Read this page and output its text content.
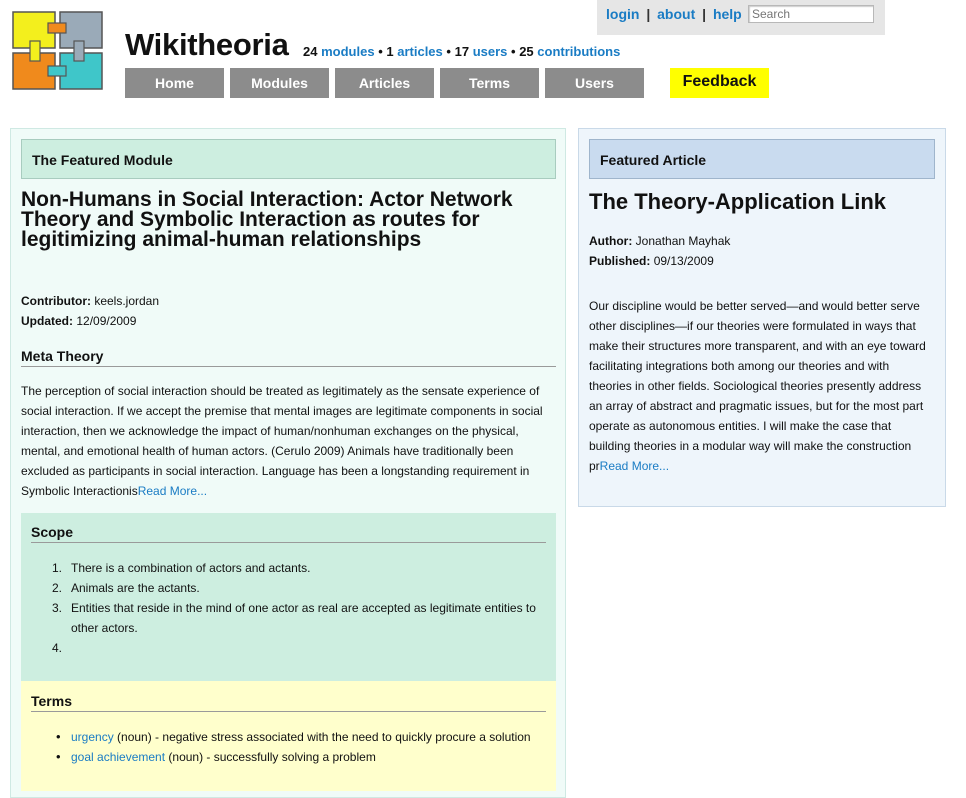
login | about | help
Search
Wikitheoria 24 modules • 1 articles • 17 users • 25 contributions
Home	Modules	Articles	Terms	Users	Feedback
The Featured Module
Non-Humans in Social Interaction: Actor Network Theory and Symbolic Interaction as routes for legitimizing animal-human relationships
Contributor: keels.jordan
Updated: 12/09/2009
Meta Theory
The perception of social interaction should be treated as legitimately as the sensate experience of social interaction. If we accept the premise that mental images are legitimate components in social interaction, then we acknowledge the impact of human/nonhuman exchanges on the physical, mental, and emotional health of human actors. (Cerulo 2009) Animals have traditionally been excluded as participants in social interaction. Language has been a longstanding requirement in Symbolic InteractionisRead More...
Scope
1. There is a combination of actors and actants.
2. Animals are the actants.
3. Entities that reside in the mind of one actor as real are accepted as legitimate entities to other actors.
4.
Terms
• urgency (noun) - negative stress associated with the need to quickly procure a solution
• goal achievement (noun) - successfully solving a problem
Featured Article
The Theory-Application Link
Author: Jonathan Mayhak
Published: 09/13/2009
Our discipline would be better served—and would better serve other disciplines—if our theories were formulated in ways that make their structures more transparent, and with an eye toward facilitating integrations both among our theories and with theories in other fields. Sociological theories presently address an array of abstract and pragmatic issues, but for the most part operate as autonomous entities. I will make the case that building theories in a modular way will make the construction prRead More...
